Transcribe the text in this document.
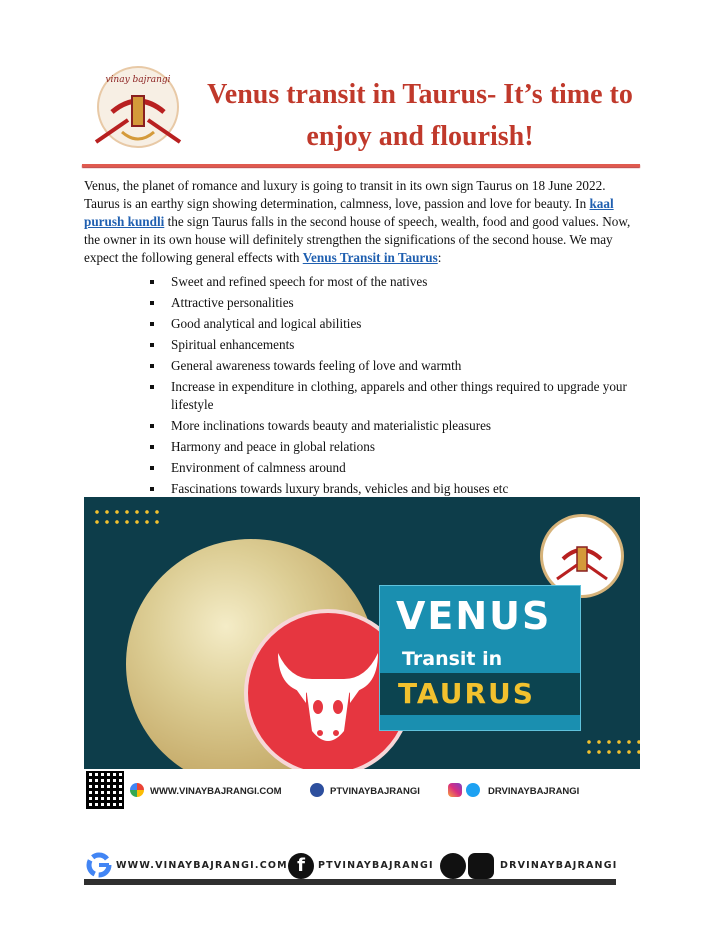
vinay bajrangi Venus transit in Taurus- It’s time to enjoy and flourish!

Venus, the planet of romance and luxury is going to transit in its own sign Taurus on 18 June 2022. Taurus is an earthy sign showing determination, calmness, love, passion and love for beauty. In kaal purush kundli the sign Taurus falls in the second house of speech, wealth, food and good values. Now, the owner in its own house will definitely strengthen the significations of the second house. We may expect the following general effects with Venus Transit in Taurus:

Sweet and refined speech for most of the natives
Attractive personalities
Good analytical and logical abilities
Spiritual enhancements
General awareness towards feeling of love and warmth
Increase in expenditure in clothing, apparels and other things required to upgrade your lifestyle
More inclinations towards beauty and materialistic pleasures
Harmony and peace in global relations
Environment of calmness around
Fascinations towards luxury brands, vehicles and big houses etc
VENUS
Transit in
TAURUS
WWW.VINAYBAJRANGI.COM	PTVINAYBAJRANGI	DRVINAYBAJRANGI
WWW.VINAYBAJRANGI.COM f	PTVINAYBAJRANGI	DRVINAYBAJRANGI
